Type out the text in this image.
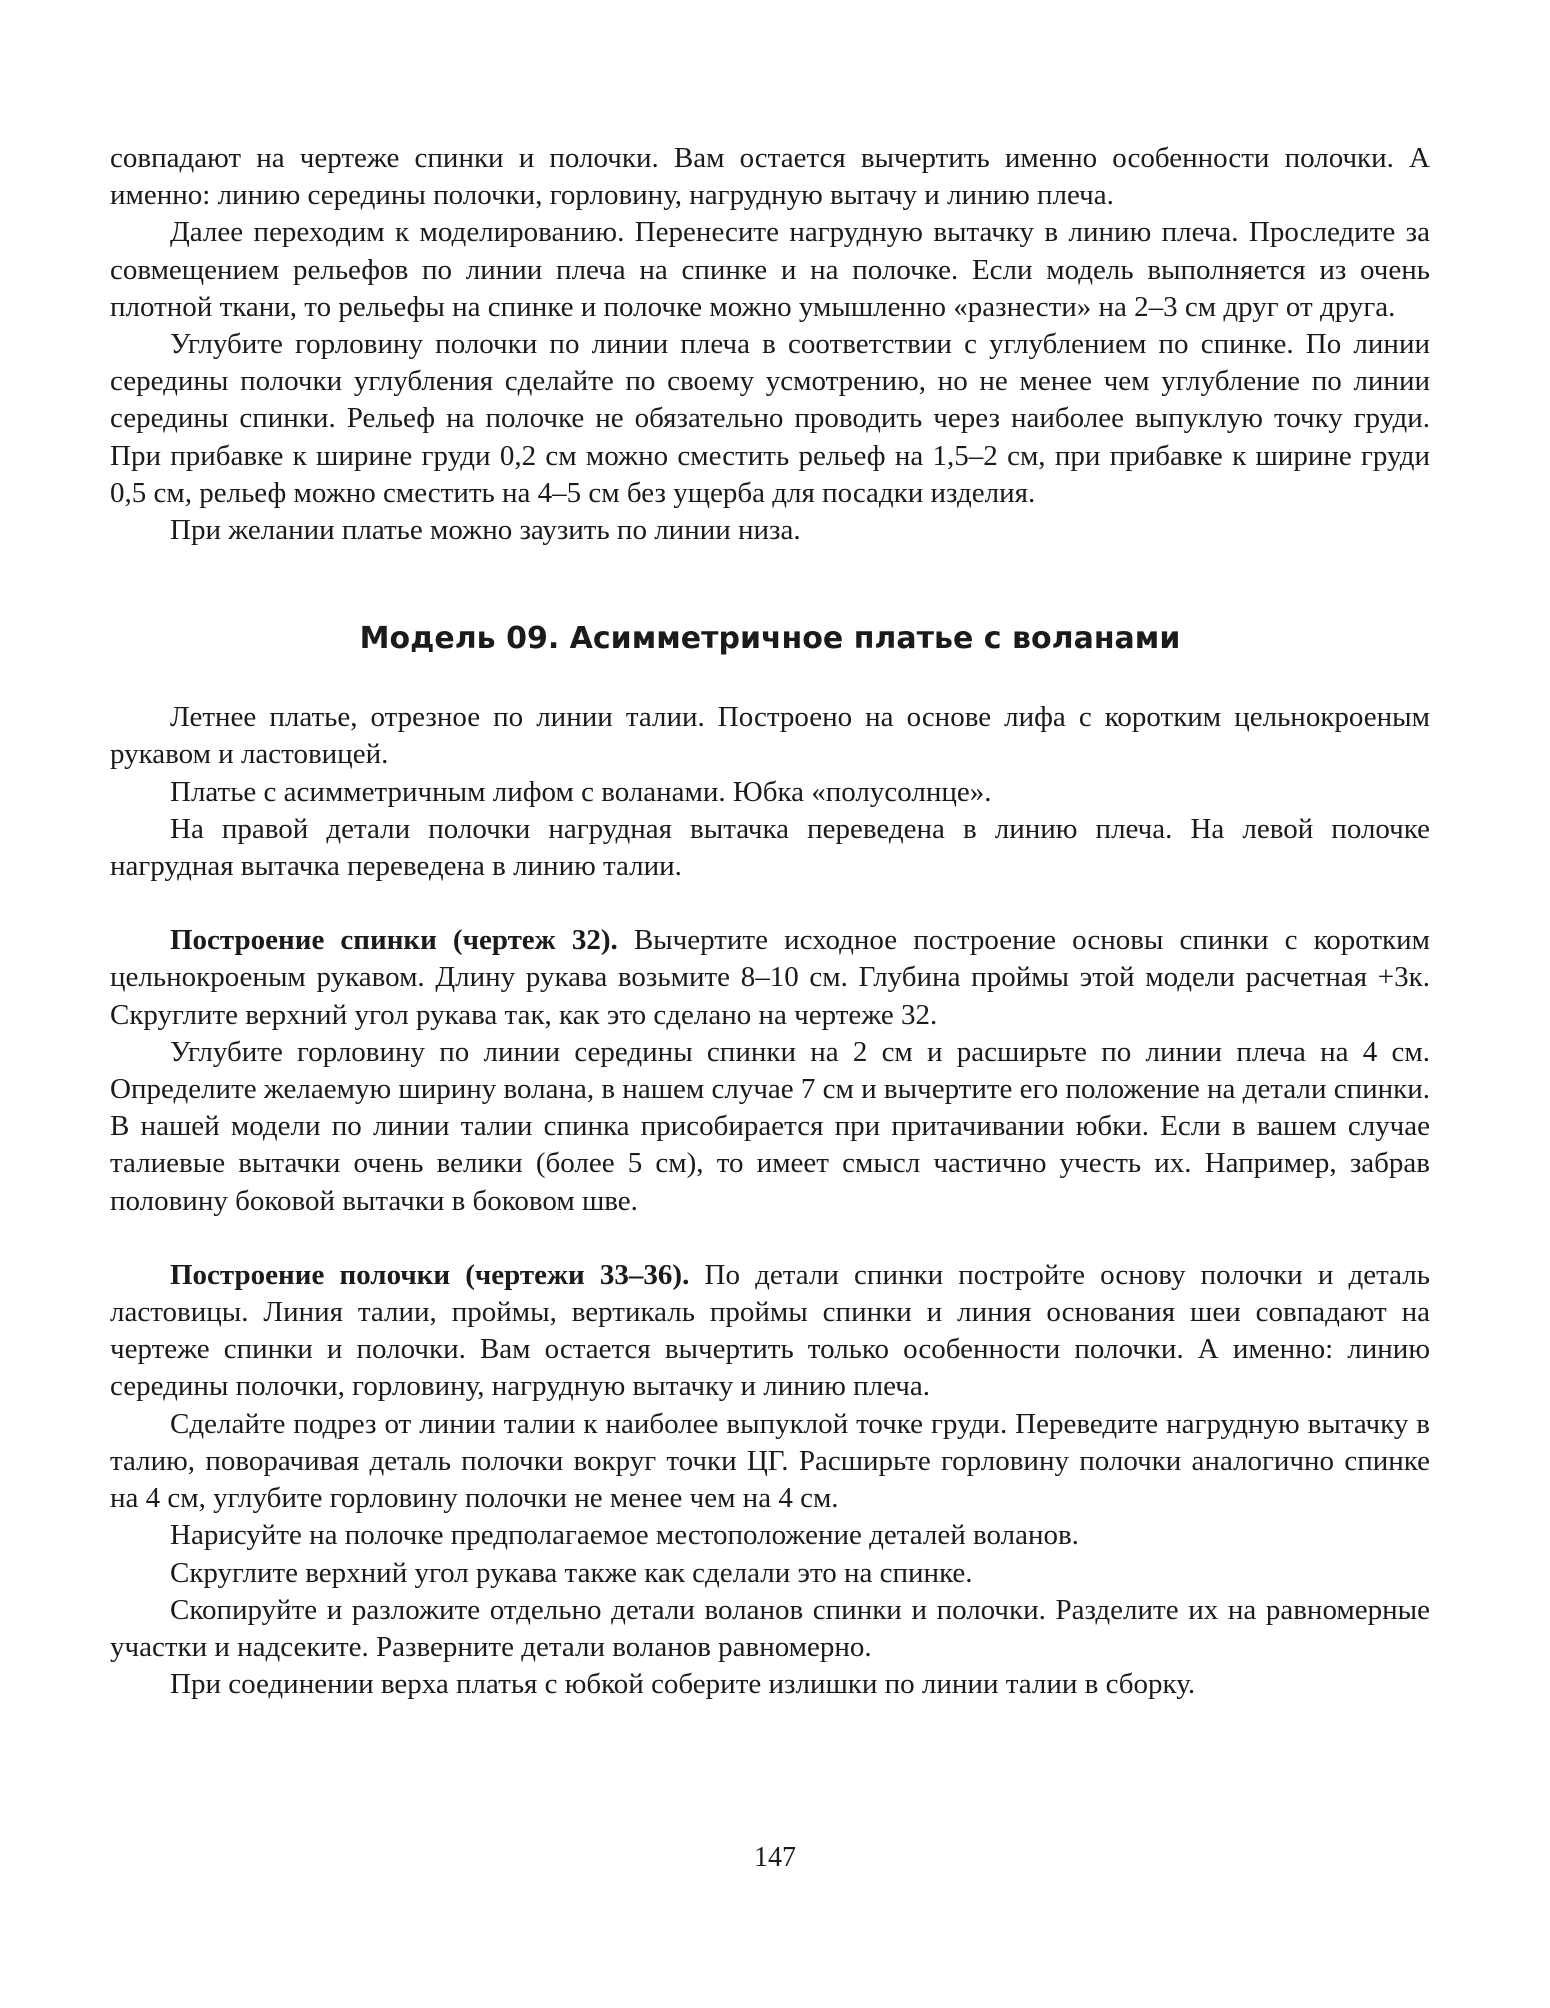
совпадают на чертеже спинки и полочки. Вам остается вычертить именно особенности полочки. А именно: линию середины полочки, горловину, нагрудную вытачу и линию плеча.

Далее переходим к моделированию. Перенесите нагрудную вытачку в линию плеча. Проследите за совмещением рельефов по линии плеча на спинке и на полочке. Если модель выполняется из очень плотной ткани, то рельефы на спинке и полочке можно умышленно «разнести» на 2–3 см друг от друга.

Углубите горловину полочки по линии плеча в соответствии с углублением по спинке. По линии середины полочки углубления сделайте по своему усмотрению, но не менее чем углубление по линии середины спинки. Рельеф на полочке не обязательно проводить через наиболее выпуклую точку груди. При прибавке к ширине груди 0,2 см можно сместить рельеф на 1,5–2 см, при прибавке к ширине груди 0,5 см, рельеф можно сместить на 4–5 см без ущерба для посадки изделия.

При желании платье можно заузить по линии низа.

Модель 09. Асимметричное платье с воланами

Летнее платье, отрезное по линии талии. Построено на основе лифа с коротким цельнокроеным рукавом и ластовицей.

Платье с асимметричным лифом с воланами. Юбка «полусолнце».

На правой детали полочки нагрудная вытачка переведена в линию плеча. На левой полочке нагрудная вытачка переведена в линию талии.

Построение спинки (чертеж 32). Вычертите исходное построение основы спинки с коротким цельнокроеным рукавом. Длину рукава возьмите 8–10 см. Глубина проймы этой модели расчетная +3к. Скруглите верхний угол рукава так, как это сделано на чертеже 32.

Углубите горловину по линии середины спинки на 2 см и расширьте по линии плеча на 4 см. Определите желаемую ширину волана, в нашем случае 7 см и вычертите его положение на детали спинки. В нашей модели по линии талии спинка присобирается при притачивании юбки. Если в вашем случае талиевые вытачки очень велики (более 5 см), то имеет смысл частично учесть их. Например, забрав половину боковой вытачки в боковом шве.

Построение полочки (чертежи 33–36). По детали спинки постройте основу полочки и деталь ластовицы. Линия талии, проймы, вертикаль проймы спинки и линия основания шеи совпадают на чертеже спинки и полочки. Вам остается вычертить только особенности полочки. А именно: линию середины полочки, горловину, нагрудную вытачку и линию плеча.

Сделайте подрез от линии талии к наиболее выпуклой точке груди. Переведите нагрудную вытачку в талию, поворачивая деталь полочки вокруг точки ЦГ. Расширьте горловину полочки аналогично спинке на 4 см, углубите горловину полочки не менее чем на 4 см.

Нарисуйте на полочке предполагаемое местоположение деталей воланов.

Скруглите верхний угол рукава также как сделали это на спинке.

Скопируйте и разложите отдельно детали воланов спинки и полочки. Разделите их на равномерные участки и надсеките. Разверните детали воланов равномерно.

При соединении верха платья с юбкой соберите излишки по линии талии в сборку.

147
